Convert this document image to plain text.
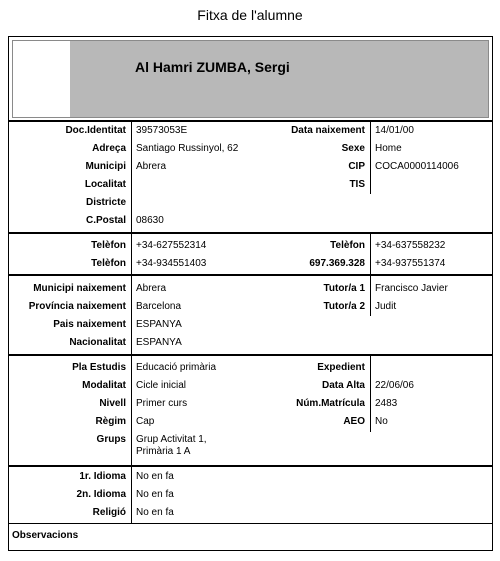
Fitxa de l'alumne
Al Hamri ZUMBA, Sergi
Doc.Identitat 39573053E	Data naixement 14/01/00
Adreça Santiago Russinyol, 62	Sexe Home
Municipi Abrera	CIP COCA0000114006
Localitat	TIS
Districte
C.Postal 08630
Telèfon +34-627552314	Telèfon +34-637558232
Telèfon +34-934551403	697.369.328 +34-937551374
Municipi naixement Abrera	Tutor/a 1 Francisco Javier
Província naixement Barcelona	Tutor/a 2 Judit
Pais naixement ESPANYA
Nacionalitat ESPANYA
Pla Estudis Educació primària	Expedient
Modalitat Cicle inicial	Data Alta 22/06/06
Nivell Primer curs	Núm.Matrícula 2483
Règim Cap	AEO No
Grups Grup Activitat 1,
Primària 1 A
1r. Idioma No en fa
2n. Idioma No en fa
Religió No en fa
Observacions
